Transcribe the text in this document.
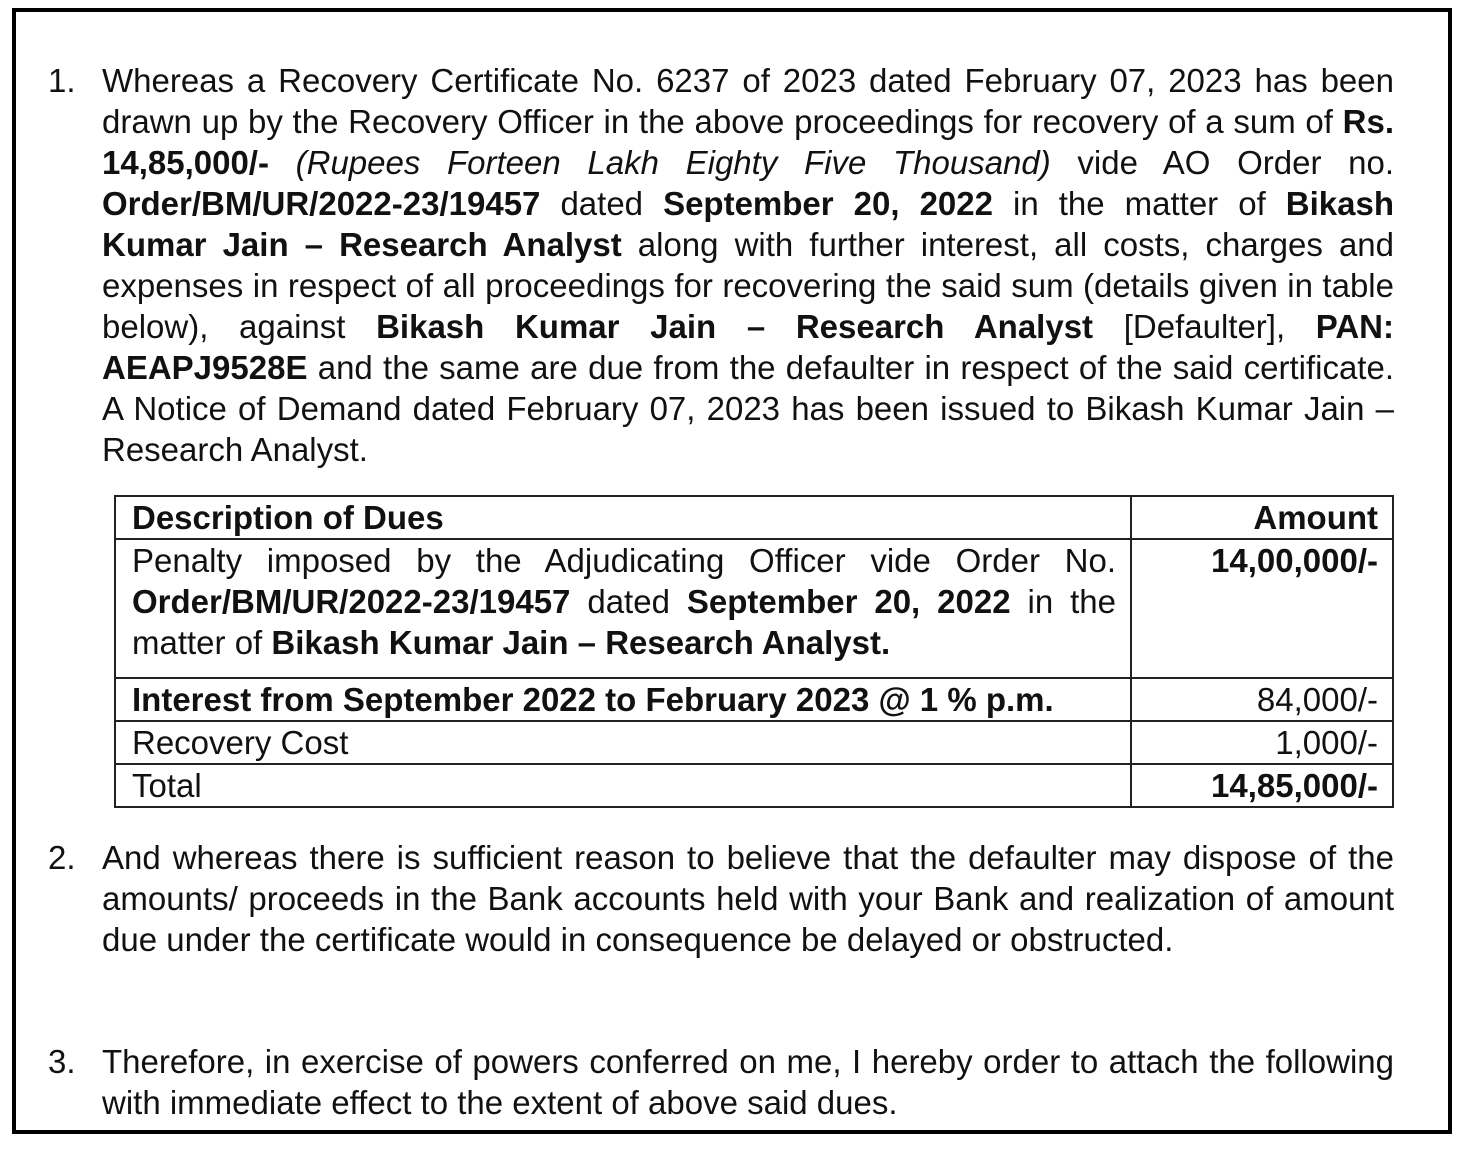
1. Whereas a Recovery Certificate No. 6237 of 2023 dated February 07, 2023 has been drawn up by the Recovery Officer in the above proceedings for recovery of a sum of Rs. 14,85,000/- (Rupees Forteen Lakh Eighty Five Thousand) vide AO Order no. Order/BM/UR/2022-23/19457 dated September 20, 2022 in the matter of Bikash Kumar Jain – Research Analyst along with further interest, all costs, charges and expenses in respect of all proceedings for recovering the said sum (details given in table below), against Bikash Kumar Jain – Research Analyst [Defaulter], PAN: AEAPJ9528E and the same are due from the defaulter in respect of the said certificate. A Notice of Demand dated February 07, 2023 has been issued to Bikash Kumar Jain – Research Analyst.
Description of Dues	Amount
Penalty imposed by the Adjudicating Officer vide Order No. Order/BM/UR/2022-23/19457 dated September 20, 2022 in the matter of Bikash Kumar Jain – Research Analyst.	14,00,000/-
Interest from September 2022 to February 2023 @ 1 % p.m.	84,000/-
Recovery Cost	1,000/-
Total	14,85,000/-
2. And whereas there is sufficient reason to believe that the defaulter may dispose of the amounts/ proceeds in the Bank accounts held with your Bank and realization of amount due under the certificate would in consequence be delayed or obstructed.
3. Therefore, in exercise of powers conferred on me, I hereby order to attach the following with immediate effect to the extent of above said dues.
